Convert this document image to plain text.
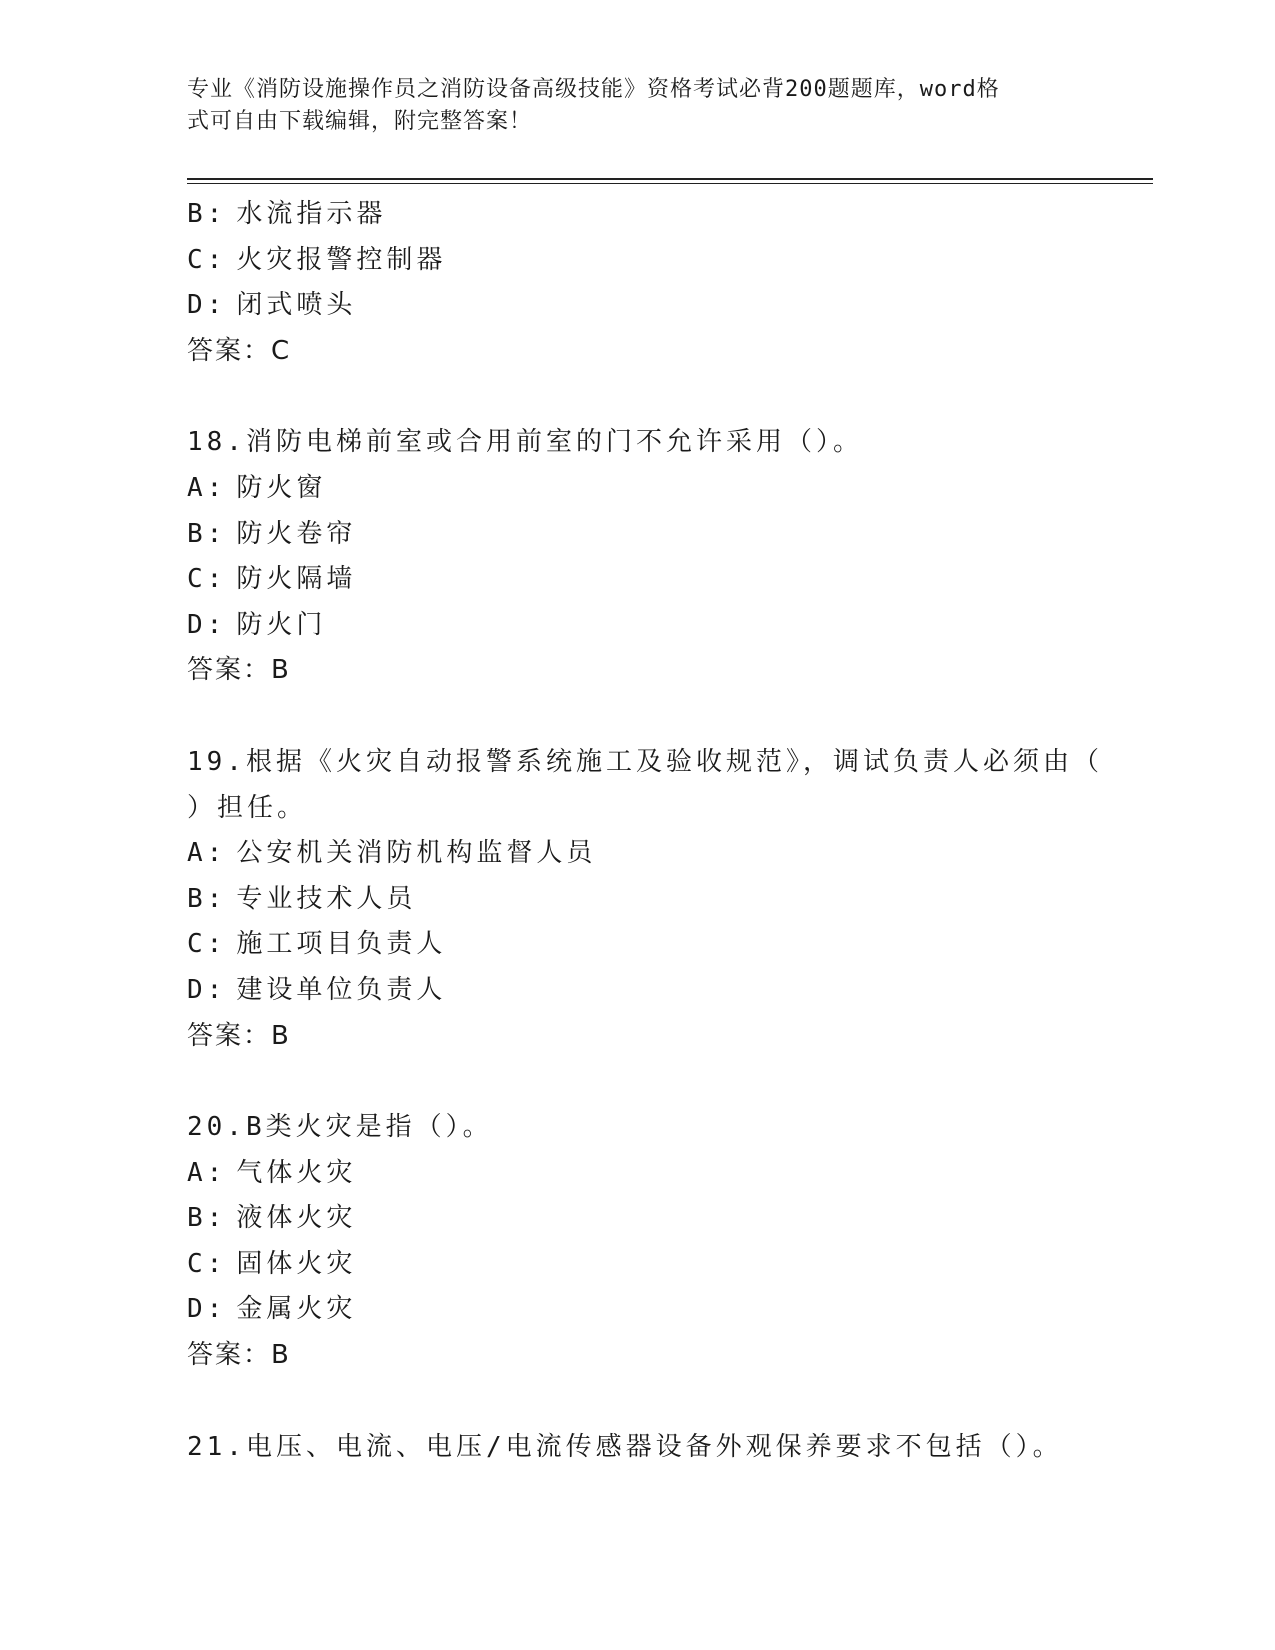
专业《消防设施操作员之消防设备高级技能》资格考试必背200题题库，word格
式可自由下载编辑，附完整答案！
B: 水流指示器
C: 火灾报警控制器
D: 闭式喷头
答案：C
18.消防电梯前室或合用前室的门不允许采用（）。
A: 防火窗
B: 防火卷帘
C: 防火隔墙
D: 防火门
答案：B
19.根据《火灾自动报警系统施工及验收规范》，调试负责人必须由（
）担任。
A: 公安机关消防机构监督人员
B: 专业技术人员
C: 施工项目负责人
D: 建设单位负责人
答案：B
20.B类火灾是指（）。
A: 气体火灾
B: 液体火灾
C: 固体火灾
D: 金属火灾
答案：B
21.电压、电流、电压/电流传感器设备外观保养要求不包括（）。
